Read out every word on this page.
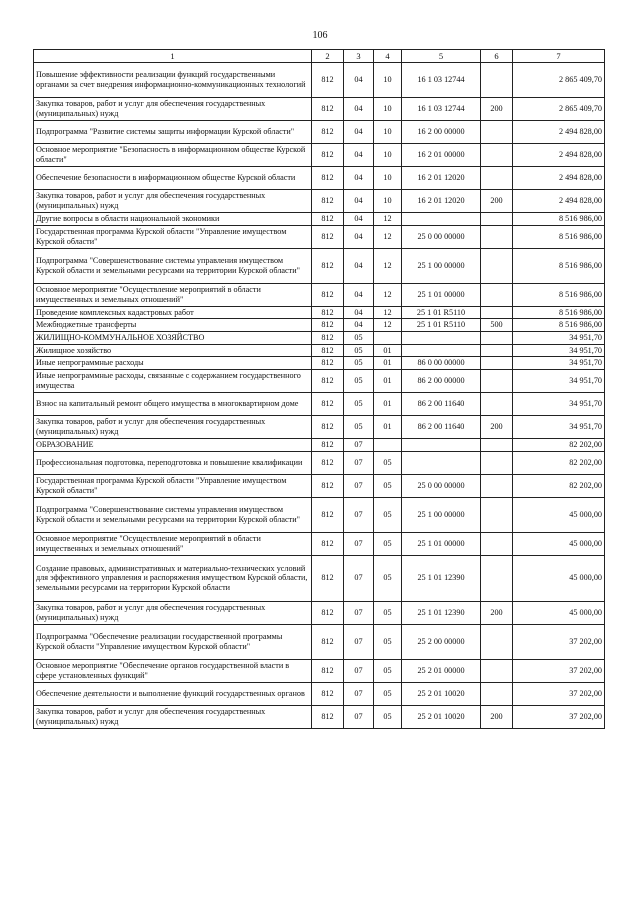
106
1	2	3	4	5	6	7
Повышение эффективности реализации функций государственными органами за счет внедрения информационно-коммуникационных технологий	812	04	10	16 1 03 12744		2 865 409,70
Закупка товаров, работ и услуг для обеспечения государственных (муниципальных) нужд	812	04	10	16 1 03 12744	200	2 865 409,70
Подпрограмма "Развитие системы защиты информации Курской области"	812	04	10	16 2 00 00000		2 494 828,00
Основное мероприятие "Безопасность в информационном обществе Курской области"	812	04	10	16 2 01 00000		2 494 828,00
Обеспечение безопасности в информационном обществе Курской области	812	04	10	16 2 01 12020		2 494 828,00
Закупка товаров, работ и услуг для обеспечения государственных (муниципальных) нужд	812	04	10	16 2 01 12020	200	2 494 828,00
Другие вопросы в области национальной экономики	812	04	12			8 516 986,00
Государственная программа Курской области "Управление имуществом Курской области"	812	04	12	25 0 00 00000		8 516 986,00
Подпрограмма "Совершенствование системы управления имуществом Курской области и земельными ресурсами на территории Курской области"	812	04	12	25 1 00 00000		8 516 986,00
Основное мероприятие "Осуществление мероприятий в области имущественных и земельных отношений"	812	04	12	25 1 01 00000		8 516 986,00
Проведение комплексных кадастровых работ	812	04	12	25 1 01 R5110		8 516 986,00
Межбюджетные трансферты	812	04	12	25 1 01 R5110	500	8 516 986,00
ЖИЛИЩНО-КОММУНАЛЬНОЕ ХОЗЯЙСТВО	812	05				34 951,70
Жилищное хозяйство	812	05	01			34 951,70
Иные непрограммные расходы	812	05	01	86 0 00 00000		34 951,70
Иные непрограммные расходы, связанные с содержанием государственного имущества	812	05	01	86 2 00 00000		34 951,70
Взнос на капитальный ремонт общего имущества в многоквартирном доме	812	05	01	86 2 00 11640		34 951,70
Закупка товаров, работ и услуг для обеспечения государственных (муниципальных) нужд	812	05	01	86 2 00 11640	200	34 951,70
ОБРАЗОВАНИЕ	812	07				82 202,00
Профессиональная подготовка, переподготовка и повышение квалификации	812	07	05			82 202,00
Государственная программа Курской области "Управление имуществом Курской области"	812	07	05	25 0 00 00000		82 202,00
Подпрограмма "Совершенствование системы управления имуществом Курской области и земельными ресурсами на территории Курской области"	812	07	05	25 1 00 00000		45 000,00
Основное мероприятие "Осуществление мероприятий в области имущественных и земельных отношений"	812	07	05	25 1 01 00000		45 000,00
Создание правовых, административных и материально-технических условий для эффективного управления и распоряжения имуществом Курской области, земельными ресурсами на территории Курской области	812	07	05	25 1 01 12390		45 000,00
Закупка товаров, работ и услуг для обеспечения государственных (муниципальных) нужд	812	07	05	25 1 01 12390	200	45 000,00
Подпрограмма "Обеспечение реализации государственной программы Курской области "Управление имуществом Курской области"	812	07	05	25 2 00 00000		37 202,00
Основное мероприятие "Обеспечение органов государственной власти в сфере установленных функций"	812	07	05	25 2 01 00000		37 202,00
Обеспечение деятельности и выполнение функций государственных органов	812	07	05	25 2 01 10020		37 202,00
Закупка товаров, работ и услуг для обеспечения государственных (муниципальных) нужд	812	07	05	25 2 01 10020	200	37 202,00
